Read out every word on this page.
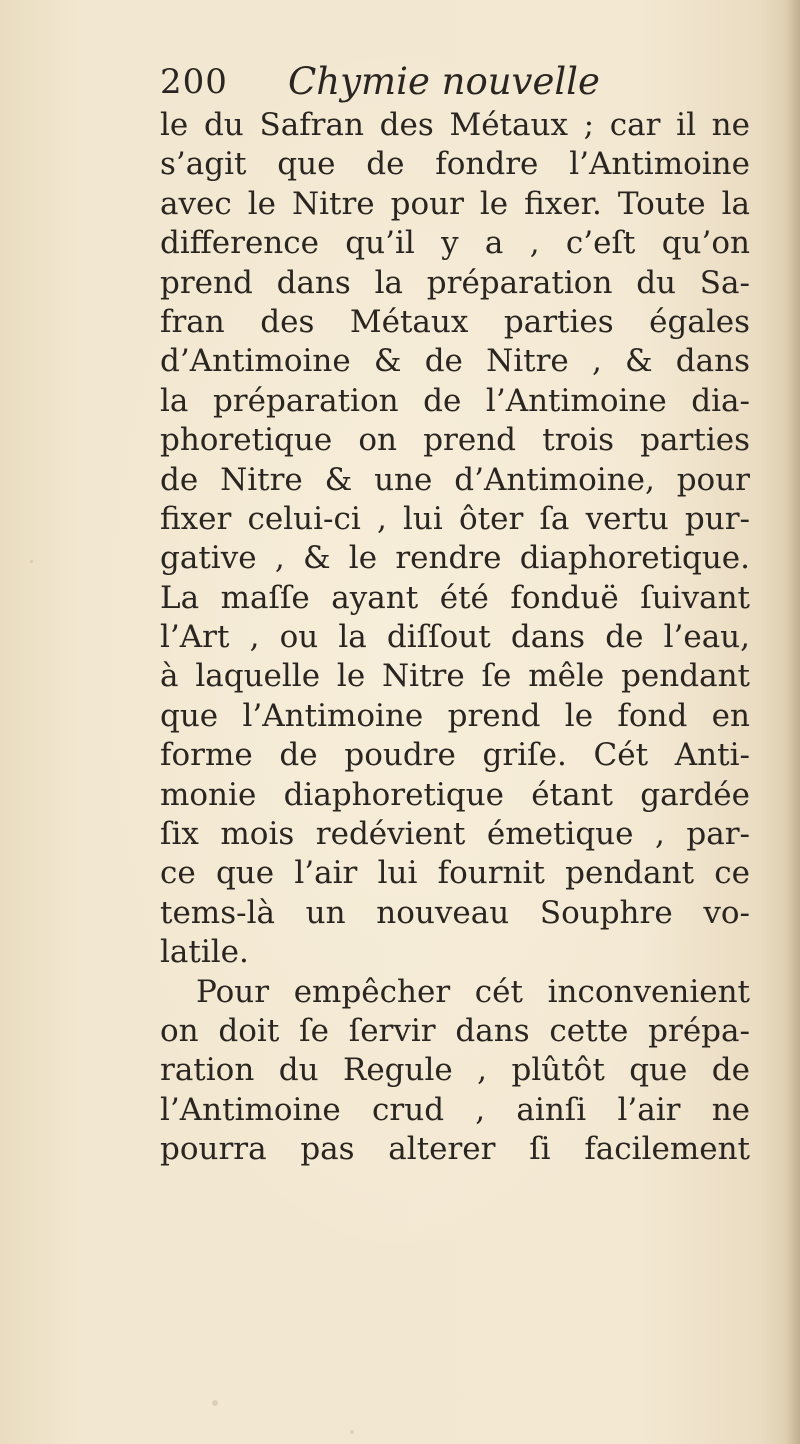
200 Chymie nouvelle
le du Safran des Métaux ; car il ne
s’agit que de fondre l’Antimoine
avec le Nitre pour le fixer. Toute la
difference qu’il y a , c’eſt qu’on
prend dans la préparation du Sa-
fran des Métaux parties égales
d’Antimoine & de Nitre , & dans
la préparation de l’Antimoine dia-
phoretique on prend trois parties
de Nitre & une d’Antimoine, pour
fixer celui-ci , lui ôter ſa vertu pur-
gative , & le rendre diaphoretique.
La maſſe ayant été fonduë ſuivant
l’Art , ou la diſſout dans de l’eau,
à laquelle le Nitre ſe mêle pendant
que l’Antimoine prend le fond en
forme de poudre griſe. Cét Anti-
monie diaphoretique étant gardée
ſix mois redévient émetique , par-
ce que l’air lui fournit pendant ce
tems-là un nouveau Souphre vo-
latile.
Pour empêcher cét inconvenient
on doit ſe ſervir dans cette prépa-
ration du Regule , plûtôt que de
l’Antimoine crud , ainſi l’air ne
pourra pas alterer ſi facilement
